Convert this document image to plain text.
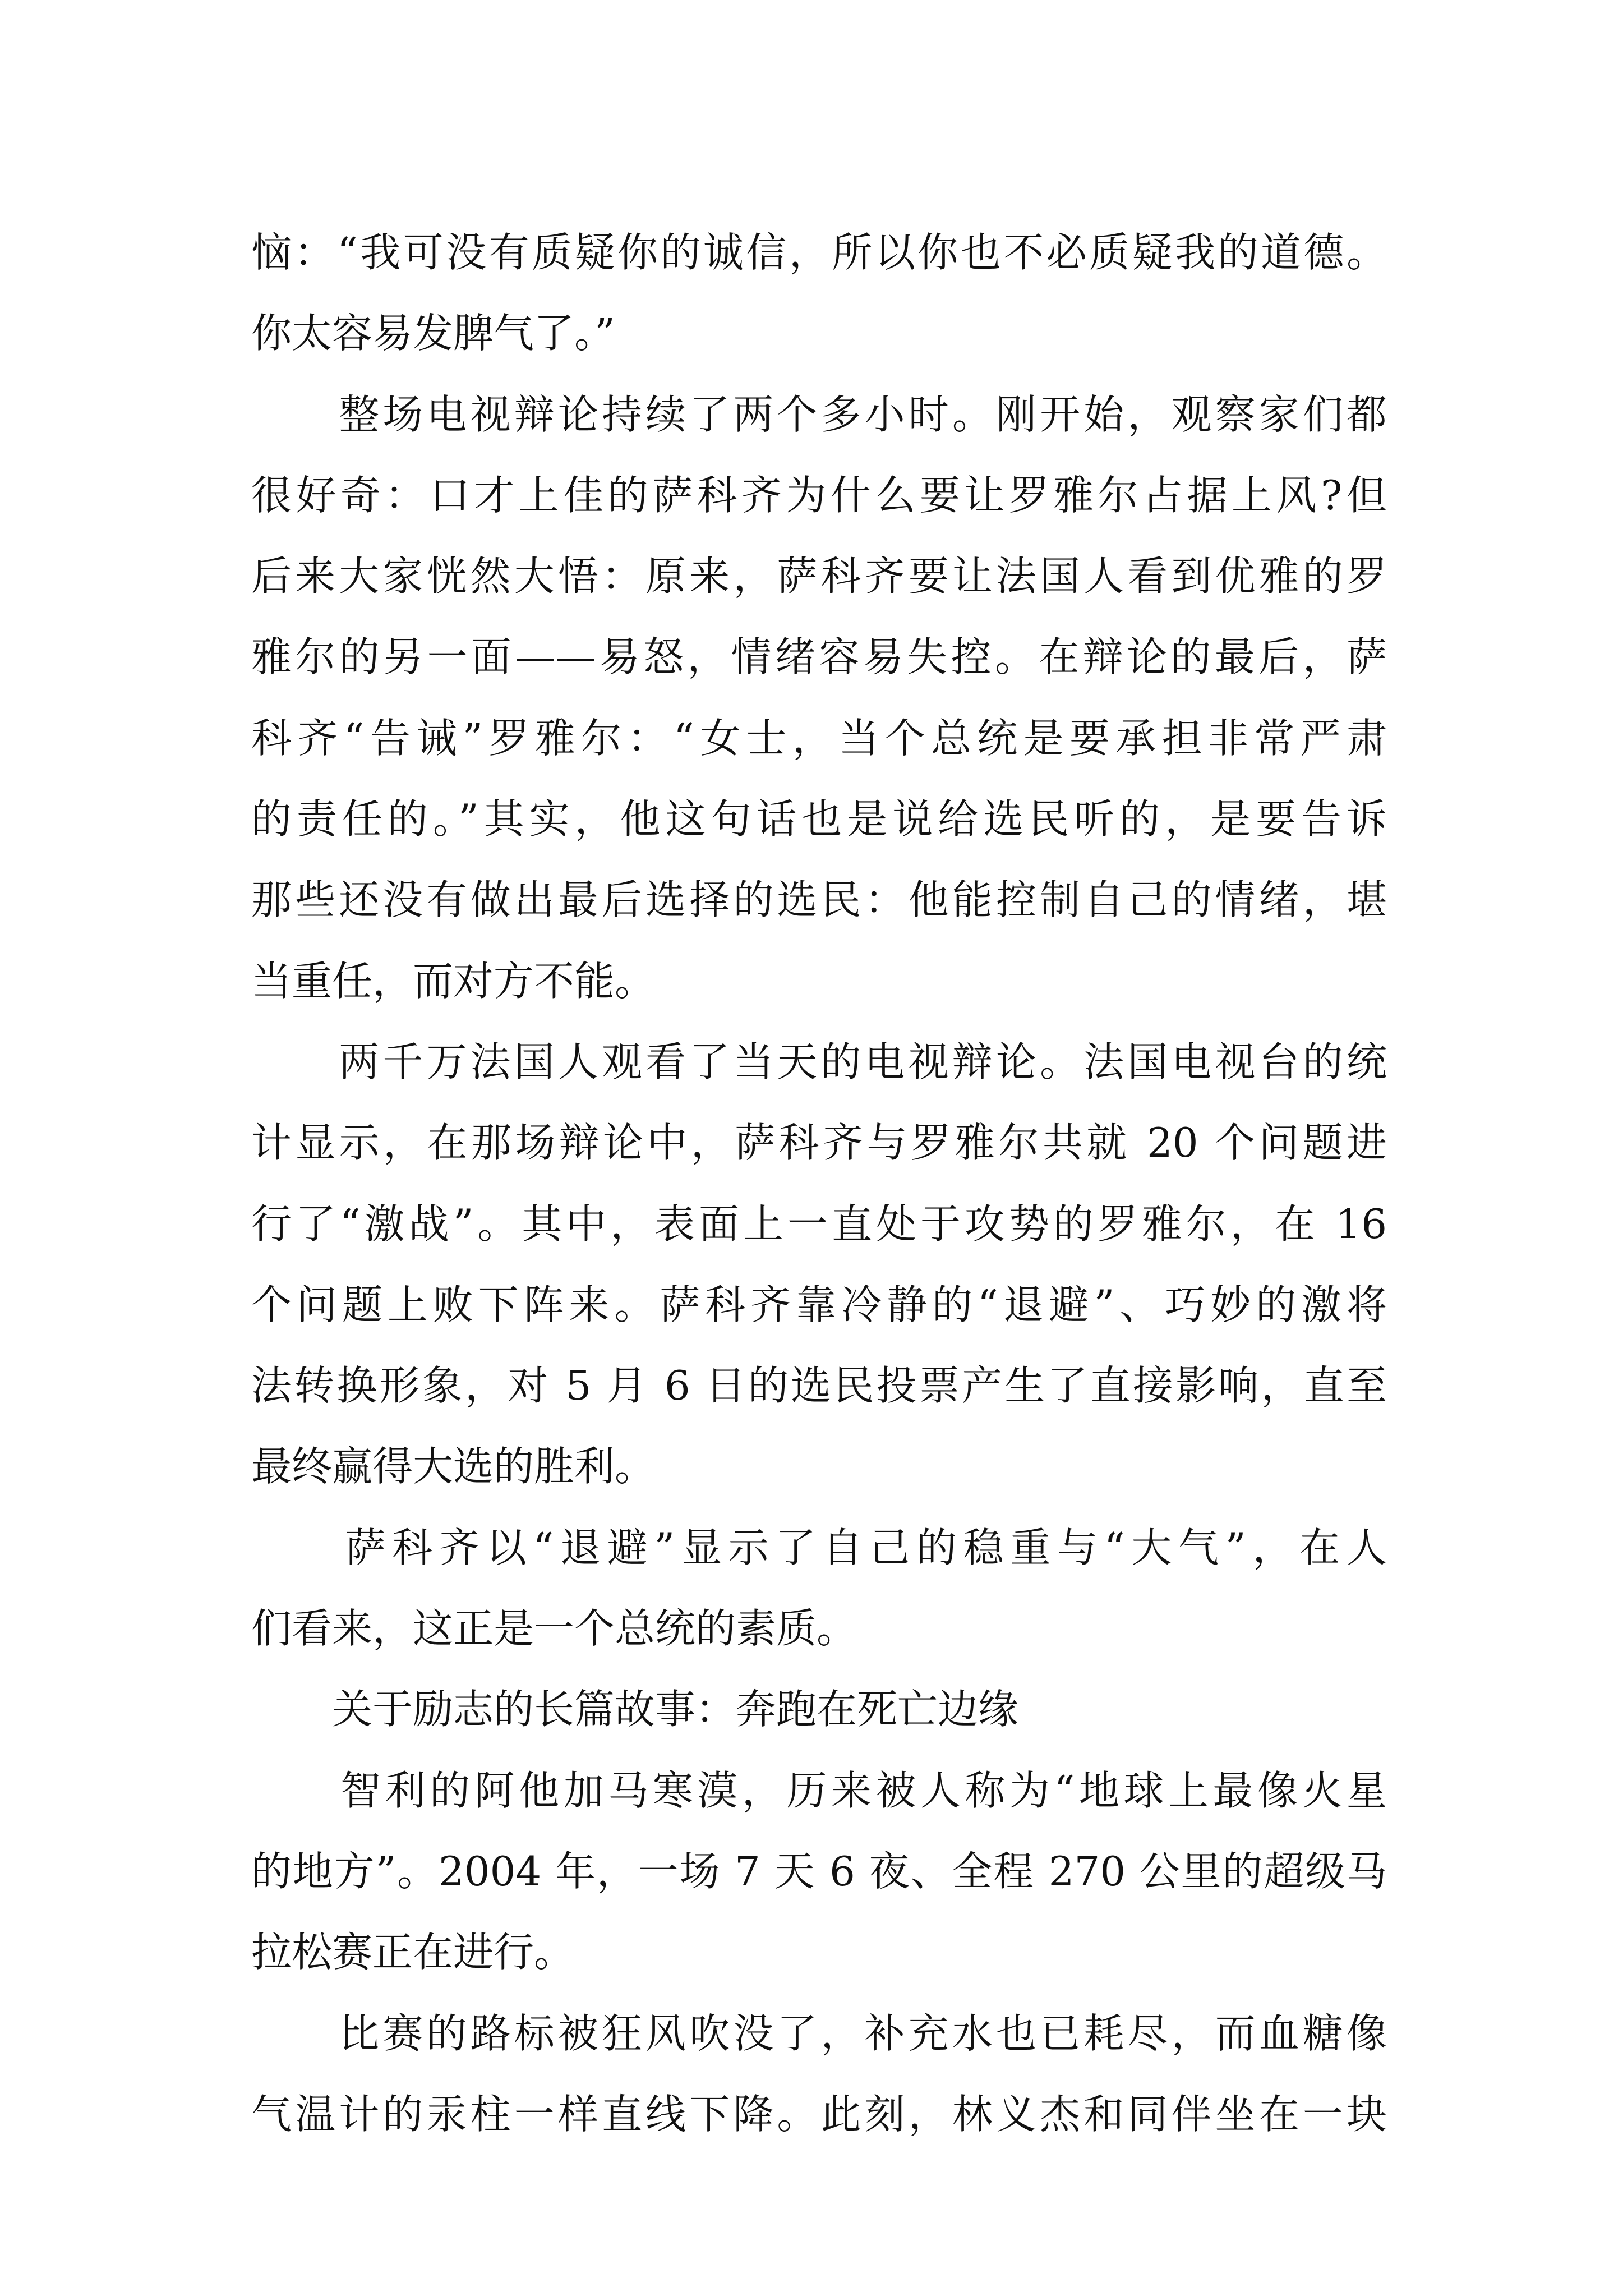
恼：“我可没有质疑你的诚信，所以你也不必质疑我的道德。
你太容易发脾气了。”
　　整场电视辩论持续了两个多小时。刚开始，观察家们都
很好奇：口才上佳的萨科齐为什么要让罗雅尔占据上风?但
后来大家恍然大悟：原来，萨科齐要让法国人看到优雅的罗
雅尔的另一面——易怒，情绪容易失控。在辩论的最后，萨
科齐“告诫”罗雅尔：“女士，当个总统是要承担非常严肃
的责任的。”其实，他这句话也是说给选民听的，是要告诉
那些还没有做出最后选择的选民：他能控制自己的情绪，堪
当重任，而对方不能。
　　两千万法国人观看了当天的电视辩论。法国电视台的统
计显示，在那场辩论中，萨科齐与罗雅尔共就 20 个问题进
行了“激战”。其中，表面上一直处于攻势的罗雅尔，在 16
个问题上败下阵来。萨科齐靠冷静的“退避”、巧妙的激将
法转换形象，对 5 月 6 日的选民投票产生了直接影响，直至
最终赢得大选的胜利。
　　萨科齐以“退避”显示了自己的稳重与“大气”，在人
们看来，这正是一个总统的素质。
　　关于励志的长篇故事：奔跑在死亡边缘
　　智利的阿他加马寒漠，历来被人称为“地球上最像火星
的地方”。2004 年，一场 7 天 6 夜、全程 270 公里的超级马
拉松赛正在进行。
　　比赛的路标被狂风吹没了，补充水也已耗尽，而血糖像
气温计的汞柱一样直线下降。此刻，林义杰和同伴坐在一块
